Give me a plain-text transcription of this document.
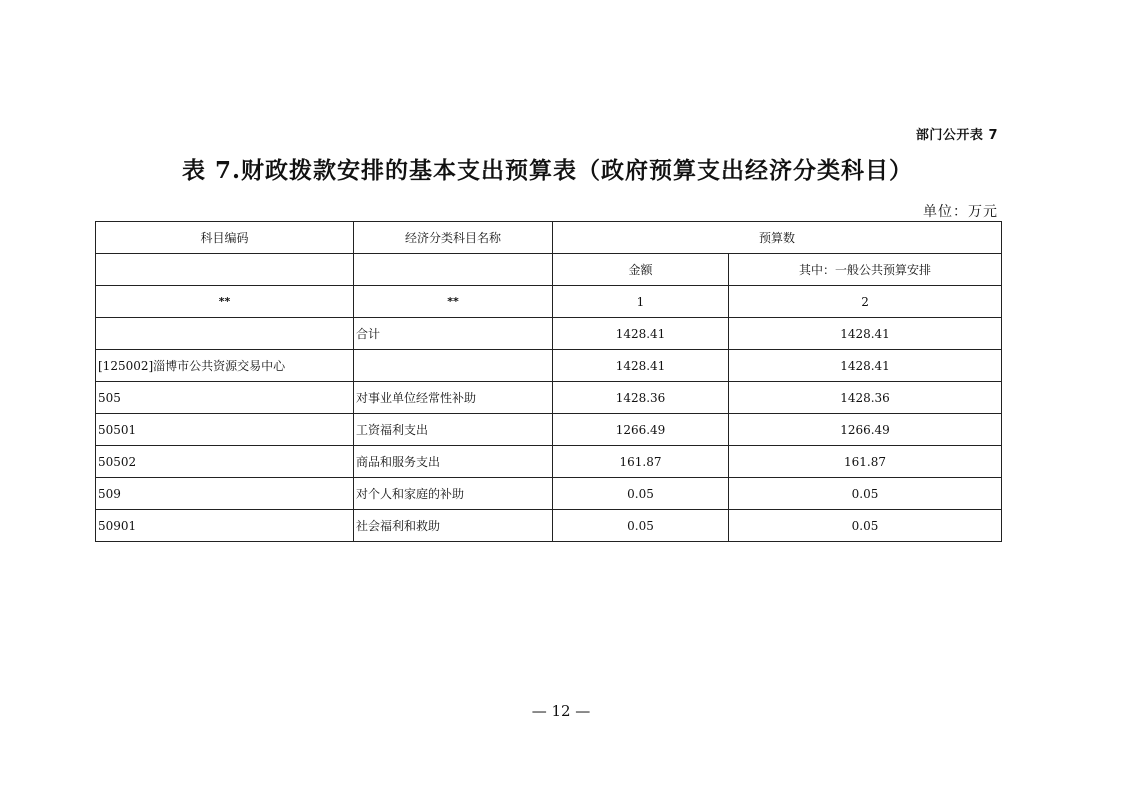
部门公开表 7
表 7.财政拨款安排的基本支出预算表（政府预算支出经济分类科目）
单位：万元
科目编码	经济分类科目名称	预算数	
		金额	其中：一般公共预算安排
**	**	1	2
	合计	1428.41	1428.41
[125002]淄博市公共资源交易中心		1428.41	1428.41
505	对事业单位经常性补助	1428.36	1428.36
50501	工资福利支出	1266.49	1266.49
50502	商品和服务支出	161.87	161.87
509	对个人和家庭的补助	0.05	0.05
50901	社会福利和救助	0.05	0.05
— 12 —
